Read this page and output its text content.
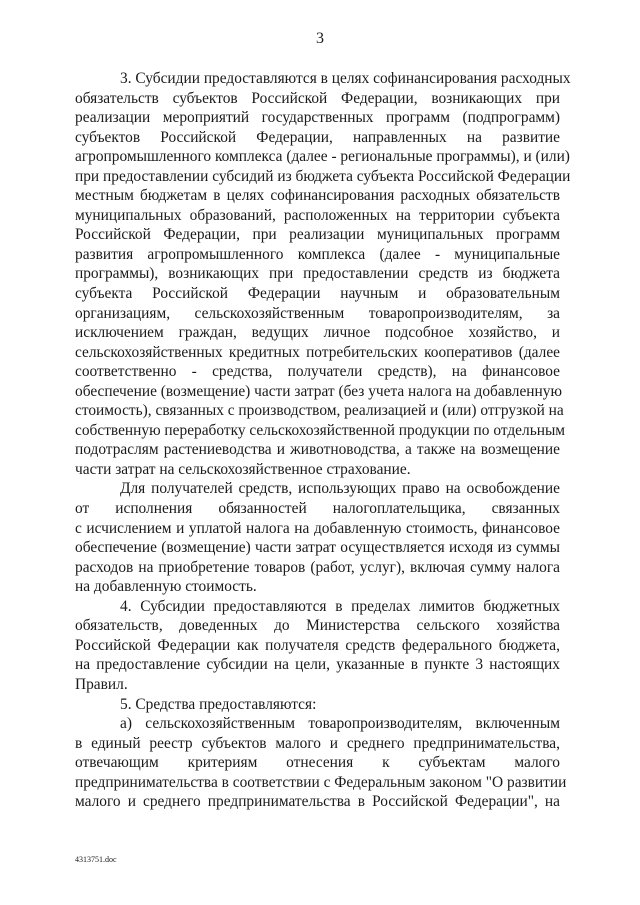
3
3. Субсидии предоставляются в целях софинансирования расходных
обязательств субъектов Российской Федерации, возникающих при
реализации мероприятий государственных программ (подпрограмм)
субъектов Российской Федерации, направленных на развитие
агропромышленного комплекса (далее - региональные программы), и (или)
при предоставлении субсидий из бюджета субъекта Российской Федерации
местным бюджетам в целях софинансирования расходных обязательств
муниципальных образований, расположенных на территории субъекта
Российской Федерации, при реализации муниципальных программ
развития агропромышленного комплекса (далее - муниципальные
программы), возникающих при предоставлении средств из бюджета
субъекта Российской Федерации научным и образовательным
организациям, сельскохозяйственным товаропроизводителям, за
исключением граждан, ведущих личное подсобное хозяйство, и
сельскохозяйственных кредитных потребительских кооперативов (далее
соответственно - средства, получатели средств), на финансовое
обеспечение (возмещение) части затрат (без учета налога на добавленную
стоимость), связанных с производством, реализацией и (или) отгрузкой на
собственную переработку сельскохозяйственной продукции по отдельным
подотраслям растениеводства и животноводства, а также на возмещение
части затрат на сельскохозяйственное страхование.
Для получателей средств, использующих право на освобождение
от исполнения обязанностей налогоплательщика, связанных
с исчислением и уплатой налога на добавленную стоимость, финансовое
обеспечение (возмещение) части затрат осуществляется исходя из суммы
расходов на приобретение товаров (работ, услуг), включая сумму налога
на добавленную стоимость.
4. Субсидии предоставляются в пределах лимитов бюджетных
обязательств, доведенных до Министерства сельского хозяйства
Российской Федерации как получателя средств федерального бюджета,
на предоставление субсидии на цели, указанные в пункте 3 настоящих
Правил.
5. Средства предоставляются:
а) сельскохозяйственным товаропроизводителям, включенным
в единый реестр субъектов малого и среднего предпринимательства,
отвечающим критериям отнесения к субъектам малого
предпринимательства в соответствии с Федеральным законом "О развитии
малого и среднего предпринимательства в Российской Федерации", на
4313751.doc
